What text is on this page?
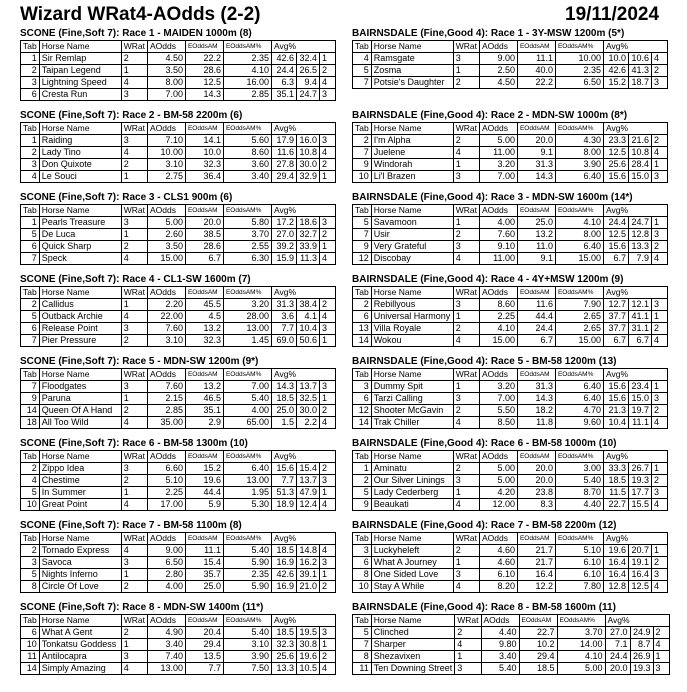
Wizard WRat4-AOdds (2-2)	19/11/2024
SCONE (Fine,Soft 7): Race 1 - MAIDEN 1000m (8)
Tab	Horse Name	WRat	AOdds	EOddsAM	EOddsAM%	Avg%		
1	Sir Remlap	2	4.50	22.2	2.35	42.6	32.4	1
2	Taipan Legend	1	3.50	28.6	4.10	24.4	26.5	2
3	Lightning Speed	4	8.00	12.5	16.00	6.3	9.4	4
6	Cresta Run	3	7.00	14.3	2.85	35.1	24.7	3
SCONE (Fine,Soft 7): Race 2 - BM-58 2200m (6)
Tab	Horse Name	WRat	AOdds	EOddsAM	EOddsAM%	Avg%		
1	Raiding	3	7.10	14.1	5.60	17.9	16.0	3
2	Lady Tino	4	10.00	10.0	8.60	11.6	10.8	4
3	Don Quixote	2	3.10	32.3	3.60	27.8	30.0	2
4	Le Souci	1	2.75	36.4	3.40	29.4	32.9	1
SCONE (Fine,Soft 7): Race 3 - CLS1 900m (6)
Tab	Horse Name	WRat	AOdds	EOddsAM	EOddsAM%	Avg%		
1	Pearls Treasure	3	5.00	20.0	5.80	17.2	18.6	3
5	De Luca	1	2.60	38.5	3.70	27.0	32.7	2
6	Quick Sharp	2	3.50	28.6	2.55	39.2	33.9	1
7	Speck	4	15.00	6.7	6.30	15.9	11.3	4
SCONE (Fine,Soft 7): Race 4 - CL1-SW 1600m (7)
Tab	Horse Name	WRat	AOdds	EOddsAM	EOddsAM%	Avg%		
2	Callidus	1	2.20	45.5	3.20	31.3	38.4	2
5	Outback Archie	4	22.00	4.5	28.00	3.6	4.1	4
6	Release Point	3	7.60	13.2	13.00	7.7	10.4	3
7	Pier Pressure	2	3.10	32.3	1.45	69.0	50.6	1
SCONE (Fine,Soft 7): Race 5 - MDN-SW 1200m (9*)
Tab	Horse Name	WRat	AOdds	EOddsAM	EOddsAM%	Avg%		
7	Floodgates	3	7.60	13.2	7.00	14.3	13.7	3
9	Paruna	1	2.15	46.5	5.40	18.5	32.5	1
14	Queen Of A Hand	2	2.85	35.1	4.00	25.0	30.0	2
18	All Too Wild	4	35.00	2.9	65.00	1.5	2.2	4
SCONE (Fine,Soft 7): Race 6 - BM-58 1300m (10)
Tab	Horse Name	WRat	AOdds	EOddsAM	EOddsAM%	Avg%		
2	Zippo Idea	3	6.60	15.2	6.40	15.6	15.4	2
4	Chestime	2	5.10	19.6	13.00	7.7	13.7	3
5	In Summer	1	2.25	44.4	1.95	51.3	47.9	1
10	Great Point	4	17.00	5.9	5.30	18.9	12.4	4
SCONE (Fine,Soft 7): Race 7 - BM-58 1100m (8)
Tab	Horse Name	WRat	AOdds	EOddsAM	EOddsAM%	Avg%		
2	Tornado Express	4	9.00	11.1	5.40	18.5	14.8	4
3	Savoca	3	6.50	15.4	5.90	16.9	16.2	3
5	Nights Inferno	1	2.80	35.7	2.35	42.6	39.1	1
8	Circle Of Love	2	4.00	25.0	5.90	16.9	21.0	2
SCONE (Fine,Soft 7): Race 8 - MDN-SW 1400m (11*)
Tab	Horse Name	WRat	AOdds	EOddsAM	EOddsAM%	Avg%		
6	What A Gent	2	4.90	20.4	5.40	18.5	19.5	3
10	Tonkatsu Goddess	1	3.40	29.4	3.10	32.3	30.8	1
11	Antilocapra	3	7.40	13.5	3.90	25.6	19.6	2
14	Simply Amazing	4	13.00	7.7	7.50	13.3	10.5	4
BAIRNSDALE (Fine,Good 4): Race 1 - 3Y-MSW 1200m (5*)
Tab	Horse Name	WRat	AOdds	EOddsAM	EOddsAM%	Avg%		
4	Ramsgate	3	9.00	11.1	10.00	10.0	10.6	4
5	Zosma	1	2.50	40.0	2.35	42.6	41.3	2
7	Potsie's Daughter	2	4.50	22.2	6.50	15.2	18.7	3
BAIRNSDALE (Fine,Good 4): Race 2 - MDN-SW 1000m (8*)
Tab	Horse Name	WRat	AOdds	EOddsAM	EOddsAM%	Avg%		
2	I'm Alpha	2	5.00	20.0	4.30	23.3	21.6	2
7	Juelene	4	11.00	9.1	8.00	12.5	10.8	4
9	Windorah	1	3.20	31.3	3.90	25.6	28.4	1
10	Li'l Brazen	3	7.00	14.3	6.40	15.6	15.0	3
BAIRNSDALE (Fine,Good 4): Race 3 - MDN-SW 1600m (14*)
Tab	Horse Name	WRat	AOdds	EOddsAM	EOddsAM%	Avg%		
5	Savamoon	1	4.00	25.0	4.10	24.4	24.7	1
7	Usir	2	7.60	13.2	8.00	12.5	12.8	3
9	Very Grateful	3	9.10	11.0	6.40	15.6	13.3	2
12	Discobay	4	11.00	9.1	15.00	6.7	7.9	4
BAIRNSDALE (Fine,Good 4): Race 4 - 4Y+MSW 1200m (9)
Tab	Horse Name	WRat	AOdds	EOddsAM	EOddsAM%	Avg%		
2	Rebillyous	3	8.60	11.6	7.90	12.7	12.1	3
6	Universal Harmony	1	2.25	44.4	2.65	37.7	41.1	1
13	Villa Royale	2	4.10	24.4	2.65	37.7	31.1	2
14	Wokou	4	15.00	6.7	15.00	6.7	6.7	4
BAIRNSDALE (Fine,Good 4): Race 5 - BM-58 1200m (13)
Tab	Horse Name	WRat	AOdds	EOddsAM	EOddsAM%	Avg%		
3	Dummy Spit	1	3.20	31.3	6.40	15.6	23.4	1
6	Tarzi Calling	3	7.00	14.3	6.40	15.6	15.0	3
12	Shooter McGavin	2	5.50	18.2	4.70	21.3	19.7	2
14	Trak Chiller	4	8.50	11.8	9.60	10.4	11.1	4
BAIRNSDALE (Fine,Good 4): Race 6 - BM-58 1000m (10)
Tab	Horse Name	WRat	AOdds	EOddsAM	EOddsAM%	Avg%		
1	Aminatu	2	5.00	20.0	3.00	33.3	26.7	1
2	Our Silver Linings	3	5.00	20.0	5.40	18.5	19.3	2
5	Lady Cederberg	1	4.20	23.8	8.70	11.5	17.7	3
9	Beaukati	4	12.00	8.3	4.40	22.7	15.5	4
BAIRNSDALE (Fine,Good 4): Race 7 - BM-58 2200m (12)
Tab	Horse Name	WRat	AOdds	EOddsAM	EOddsAM%	Avg%		
3	Luckyheleft	2	4.60	21.7	5.10	19.6	20.7	1
6	What A Journey	1	4.60	21.7	6.10	16.4	19.1	2
8	One Sided Love	3	6.10	16.4	6.10	16.4	16.4	3
10	Stay A While	4	8.20	12.2	7.80	12.8	12.5	4
BAIRNSDALE (Fine,Good 4): Race 8 - BM-58 1600m (11)
Tab	Horse Name	WRat	AOdds	EOddsAM	EOddsAM%	Avg%		
5	Clinched	2	4.40	22.7	3.70	27.0	24.9	2
7	Sharper	4	9.80	10.2	14.00	7.1	8.7	4
8	Shezavixen	1	3.40	29.4	4.10	24.4	26.9	1
11	Ten Downing Street	3	5.40	18.5	5.00	20.0	19.3	3
